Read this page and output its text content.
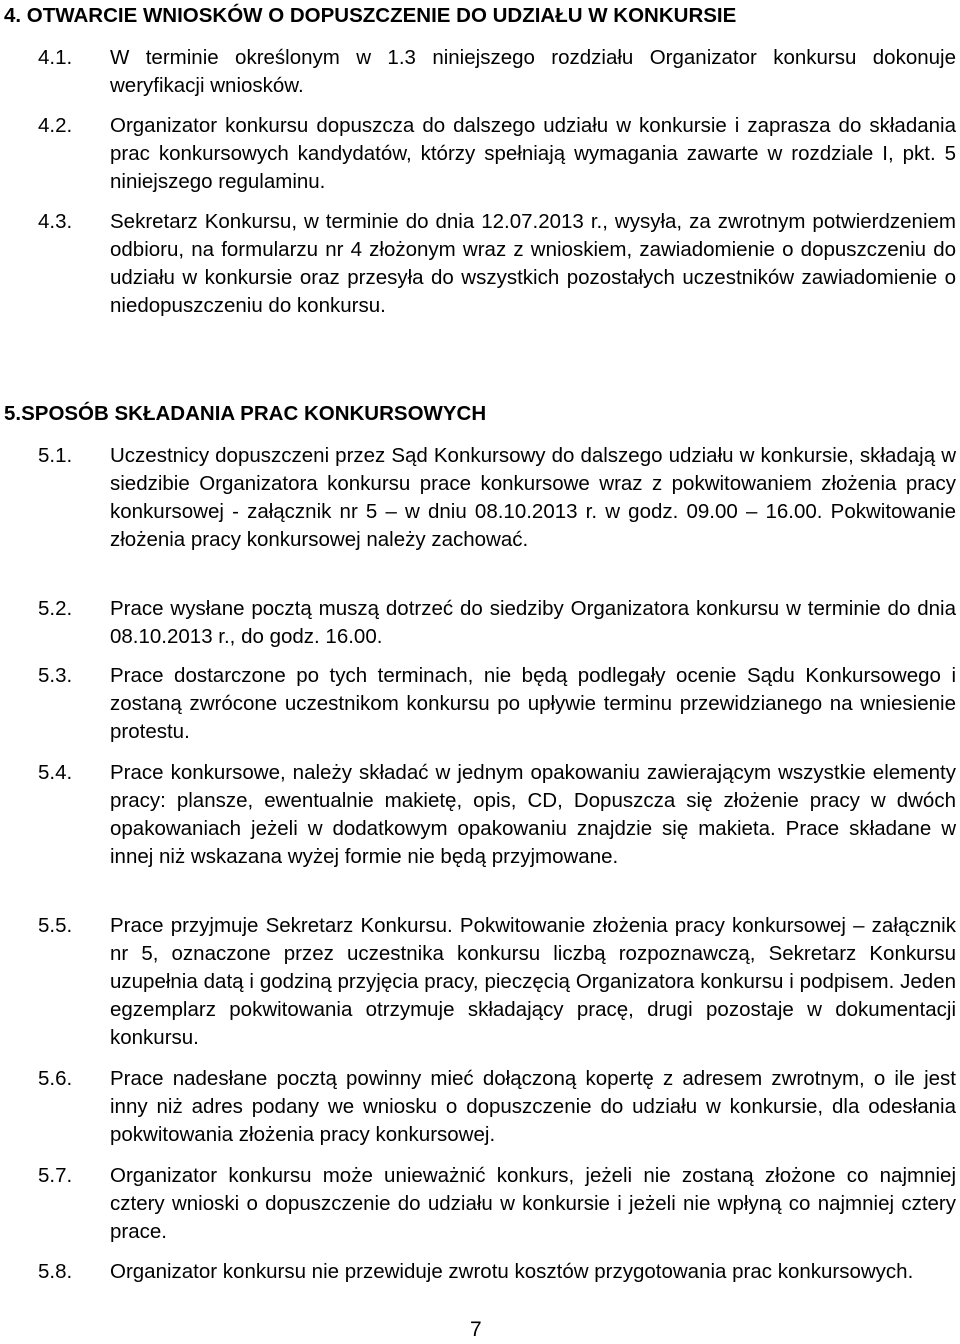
4. OTWARCIE WNIOSKÓW O DOPUSZCZENIE DO UDZIAŁU W KONKURSIE
4.1.	W terminie określonym w 1.3 niniejszego rozdziału Organizator konkursu dokonuje weryfikacji wniosków.
4.2.	Organizator konkursu dopuszcza do dalszego udziału w konkursie i zaprasza do składania prac konkursowych kandydatów, którzy spełniają wymagania zawarte w rozdziale I, pkt. 5 niniejszego regulaminu.
4.3.	Sekretarz Konkursu, w terminie do dnia 12.07.2013 r., wysyła, za zwrotnym potwierdzeniem odbioru, na formularzu nr 4 złożonym wraz z wnioskiem, zawiadomienie o dopuszczeniu do udziału w konkursie oraz przesyła do wszystkich pozostałych uczestników zawiadomienie o niedopuszczeniu do konkursu.
5.SPOSÓB SKŁADANIA PRAC KONKURSOWYCH
5.1.	Uczestnicy dopuszczeni przez Sąd Konkursowy do dalszego udziału w konkursie, składają w siedzibie Organizatora konkursu prace konkursowe wraz z pokwitowaniem złożenia pracy konkursowej - załącznik nr 5 – w dniu 08.10.2013 r. w godz. 09.00 – 16.00. Pokwitowanie złożenia pracy konkursowej należy zachować.
5.2.	Prace wysłane pocztą muszą dotrzeć do siedziby Organizatora konkursu w terminie do dnia 08.10.2013 r., do godz. 16.00.
5.3.	Prace dostarczone po tych terminach, nie będą podlegały ocenie Sądu Konkursowego i zostaną zwrócone uczestnikom konkursu po upływie terminu przewidzianego na wniesienie protestu.
5.4.	Prace konkursowe, należy składać w jednym opakowaniu zawierającym wszystkie elementy pracy: plansze, ewentualnie makietę, opis, CD, Dopuszcza się złożenie pracy w dwóch opakowaniach jeżeli w dodatkowym opakowaniu znajdzie się makieta. Prace składane w innej niż wskazana wyżej formie nie będą przyjmowane.
5.5.	Prace przyjmuje Sekretarz Konkursu. Pokwitowanie złożenia pracy konkursowej – załącznik nr 5, oznaczone przez uczestnika konkursu liczbą rozpoznawczą, Sekretarz Konkursu uzupełnia datą i godziną przyjęcia pracy, pieczęcią Organizatora konkursu i podpisem. Jeden egzemplarz pokwitowania otrzymuje składający pracę, drugi pozostaje w dokumentacji konkursu.
5.6.	Prace nadesłane pocztą powinny mieć dołączoną kopertę z adresem zwrotnym, o ile jest inny niż adres podany we wniosku o dopuszczenie do udziału w konkursie, dla odesłania pokwitowania złożenia pracy konkursowej.
5.7.	Organizator konkursu może unieważnić konkurs, jeżeli nie zostaną złożone co najmniej cztery wnioski o dopuszczenie do udziału w konkursie i jeżeli nie wpłyną co najmniej cztery prace.
5.8.	Organizator konkursu nie przewiduje zwrotu kosztów przygotowania prac konkursowych.
7
